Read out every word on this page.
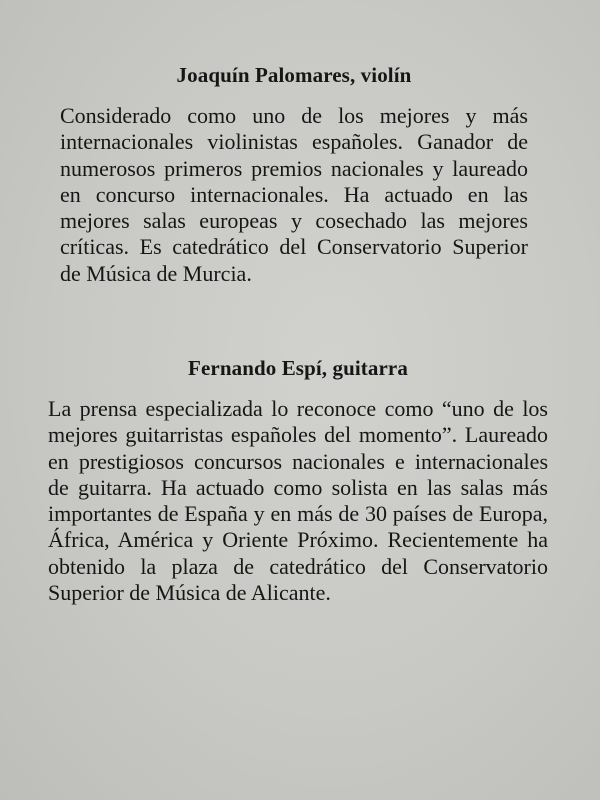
Joaquín Palomares, violín

Considerado como uno de los mejores y más internacionales violinistas españoles. Ganador de numerosos primeros premios nacionales y laureado en concurso internacionales. Ha actuado en las mejores salas europeas y cosechado las mejores críticas. Es catedrático del Conservatorio Superior de Música de Murcia.

Fernando Espí, guitarra

La prensa especializada lo reconoce como “uno de los mejores guitarristas españoles del momento”. Laureado en prestigiosos concursos nacionales e internacionales de guitarra. Ha actuado como solista en las salas más importantes de España y en más de 30 países de Europa, África, América y Oriente Próximo. Recientemente ha obtenido la plaza de catedrático del Conservatorio Superior de Música de Alicante.
